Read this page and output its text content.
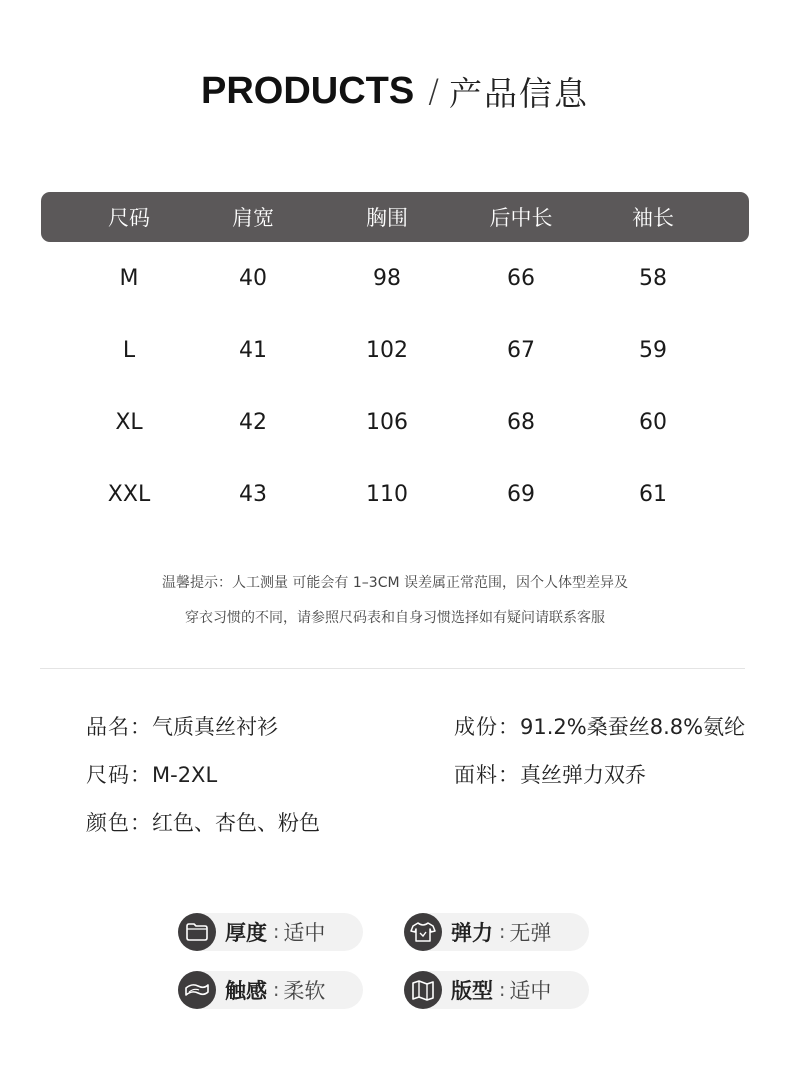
PRODUCTS / 产品信息
尺码	肩宽	胸围	后中长	袖长
M	40	98	66	58
L	41	102	67	59
XL	42	106	68	60
XXL	43	110	69	61
温馨提示：人工测量 可能会有 1–3CM 误差属正常范围，因个人体型差异及
穿衣习惯的不同，请参照尺码表和自身习惯选择如有疑问请联系客服
品名：气质真丝衬衫	成份：91.2%桑蚕丝8.8%氨纶
尺码：M-2XL	面料：真丝弹力双乔
颜色：红色、杏色、粉色
厚度 : 适中	弹力 : 无弹
触感 : 柔软	版型 : 适中
